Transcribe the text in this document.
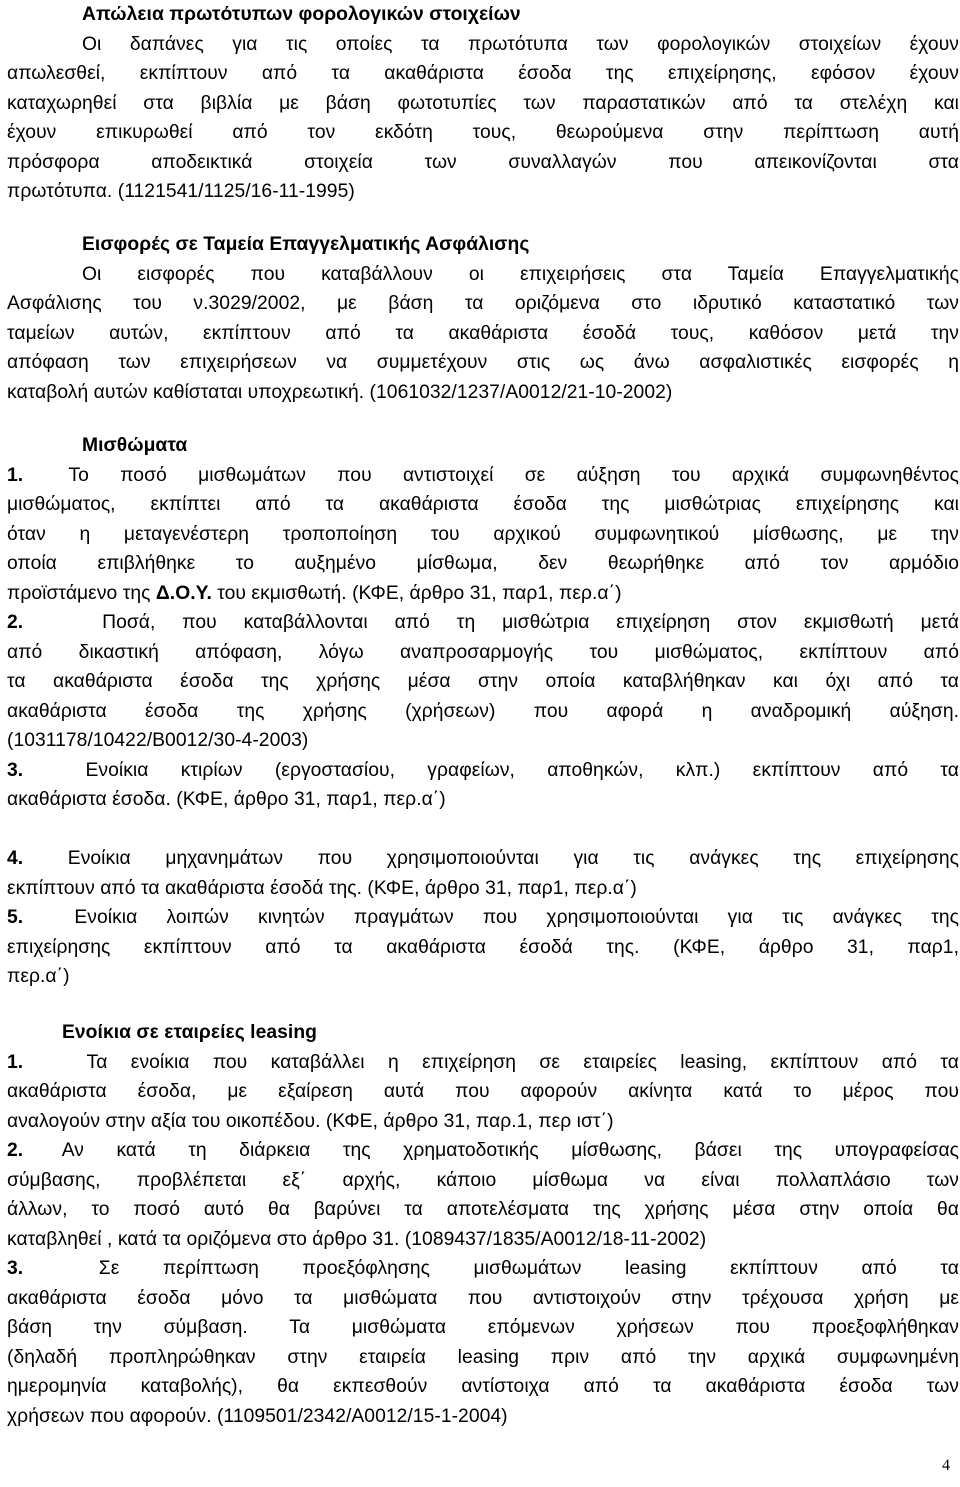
Απώλεια πρωτότυπων φορολογικών στοιχείων
Οι δαπάνες για τις οποίες τα πρωτότυπα των φορολογικών στοιχείων έχουν
απωλεσθεί, εκπίπτουν από τα ακαθάριστα έσοδα της επιχείρησης, εφόσον έχουν
καταχωρηθεί στα βιβλία με βάση φωτοτυπίες των παραστατικών από τα στελέχη και
έχουν επικυρωθεί από τον εκδότη τους, θεωρούμενα στην περίπτωση αυτή
πρόσφορα αποδεικτικά στοιχεία των συναλλαγών που απεικονίζονται στα
πρωτότυπα. (1121541/1125/16-11-1995)
Εισφορές σε Ταμεία Επαγγελματικής Ασφάλισης
Οι εισφορές που καταβάλλουν οι επιχειρήσεις στα Ταμεία Επαγγελματικής
Ασφάλισης του ν.3029/2002, με βάση τα οριζόμενα στο ιδρυτικό καταστατικό των
ταμείων αυτών, εκπίπτουν από τα ακαθάριστα έσοδά τους, καθόσον μετά την
απόφαση των επιχειρήσεων να συμμετέχουν στις ως άνω ασφαλιστικές εισφορές η
καταβολή αυτών καθίσταται υποχρεωτική. (1061032/1237/Α0012/21-10-2002)
Μισθώματα
1. Το ποσό μισθωμάτων που αντιστοιχεί σε αύξηση του αρχικά συμφωνηθέντος
μισθώματος, εκπίπτει από τα ακαθάριστα έσοδα της μισθώτριας επιχείρησης και
όταν η μεταγενέστερη τροποποίηση του αρχικού συμφωνητικού μίσθωσης, με την
οποία επιβλήθηκε το αυξημένο μίσθωμα, δεν θεωρήθηκε από τον αρμόδιο
προϊστάμενο της Δ.Ο.Υ. του εκμισθωτή. (ΚΦΕ, άρθρο 31, παρ1, περ.α΄)
2.	Ποσά, που καταβάλλονται από τη μισθώτρια επιχείρηση στον εκμισθωτή μετά
από δικαστική απόφαση, λόγω αναπροσαρμογής του μισθώματος, εκπίπτουν από
τα ακαθάριστα έσοδα της χρήσης μέσα στην οποία καταβλήθηκαν και όχι από τα
ακαθάριστα έσοδα της χρήσης (χρήσεων) που αφορά η αναδρομική αύξηση.
(1031178/10422/Β0012/30-4-2003)
3.	Ενοίκια κτιρίων (εργοστασίου, γραφείων, αποθηκών, κλπ.) εκπίπτουν από τα
ακαθάριστα έσοδα. (ΚΦΕ, άρθρο 31, παρ1, περ.α΄)
4. Ενοίκια μηχανημάτων που χρησιμοποιούνται για τις ανάγκες της επιχείρησης
εκπίπτουν από τα ακαθάριστα έσοδά της. (ΚΦΕ, άρθρο 31, παρ1, περ.α΄)
5.	Ενοίκια λοιπών κινητών πραγμάτων που χρησιμοποιούνται για τις ανάγκες της
επιχείρησης εκπίπτουν από τα ακαθάριστα έσοδά της. (ΚΦΕ, άρθρο 31, παρ1,
περ.α΄)
Ενοίκια σε εταιρείες leasing
1.	Τα ενοίκια που καταβάλλει η επιχείρηση σε εταιρείες leasing, εκπίπτουν από τα
ακαθάριστα έσοδα, με εξαίρεση αυτά που αφορούν ακίνητα κατά το μέρος που
αναλογούν στην αξία του οικοπέδου. (ΚΦΕ, άρθρο 31, παρ.1, περ ιστ΄)
2. Αν κατά τη διάρκεια της χρηματοδοτικής μίσθωσης, βάσει της υπογραφείσας
σύμβασης, προβλέπεται εξ΄ αρχής, κάποιο μίσθωμα να είναι πολλαπλάσιο των
άλλων, το ποσό αυτό θα βαρύνει τα αποτελέσματα της χρήσης μέσα στην οποία θα
καταβληθεί , κατά τα οριζόμενα στο άρθρο 31. (1089437/1835/Α0012/18-11-2002)
3.	Σε περίπτωση προεξόφλησης μισθωμάτων leasing εκπίπτουν από τα
ακαθάριστα έσοδα μόνο τα μισθώματα που αντιστοιχούν στην τρέχουσα χρήση με
βάση την σύμβαση. Τα μισθώματα επόμενων χρήσεων που προεξοφλήθηκαν
(δηλαδή προπληρώθηκαν στην εταιρεία leasing πριν από την αρχικά συμφωνημένη
ημερομηνία καταβολής), θα εκπεσθούν αντίστοιχα από τα ακαθάριστα έσοδα των
χρήσεων που αφορούν. (1109501/2342/Α0012/15-1-2004)
4
